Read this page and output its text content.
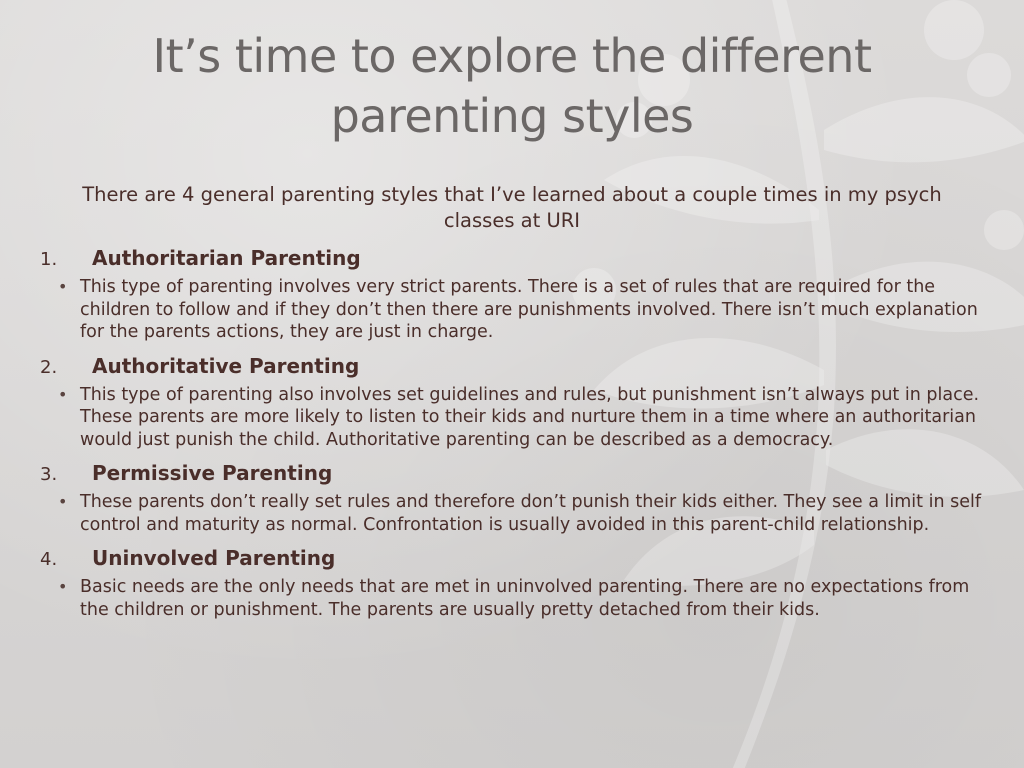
It’s time to explore the different parenting styles
There are 4 general parenting styles that I’ve learned about a couple times in my psych classes at URI
1.	Authoritarian Parenting
• This type of parenting involves very strict parents. There is a set of rules that are required for the children to follow and if they don’t then there are punishments involved. There isn’t much explanation for the parents actions, they are just in charge.
2.	Authoritative Parenting
• This type of parenting also involves set guidelines and rules, but punishment isn’t always put in place. These parents are more likely to listen to their kids and nurture them in a time where an authoritarian would just punish the child. Authoritative parenting can be described as a democracy.
3.	Permissive Parenting
• These parents don’t really set rules and therefore don’t punish their kids either. They see a limit in self control and maturity as normal. Confrontation is usually avoided in this parent-child relationship.
4.	Uninvolved Parenting
• Basic needs are the only needs that are met in uninvolved parenting. There are no expectations from the children or punishment. The parents are usually pretty detached from their kids.
